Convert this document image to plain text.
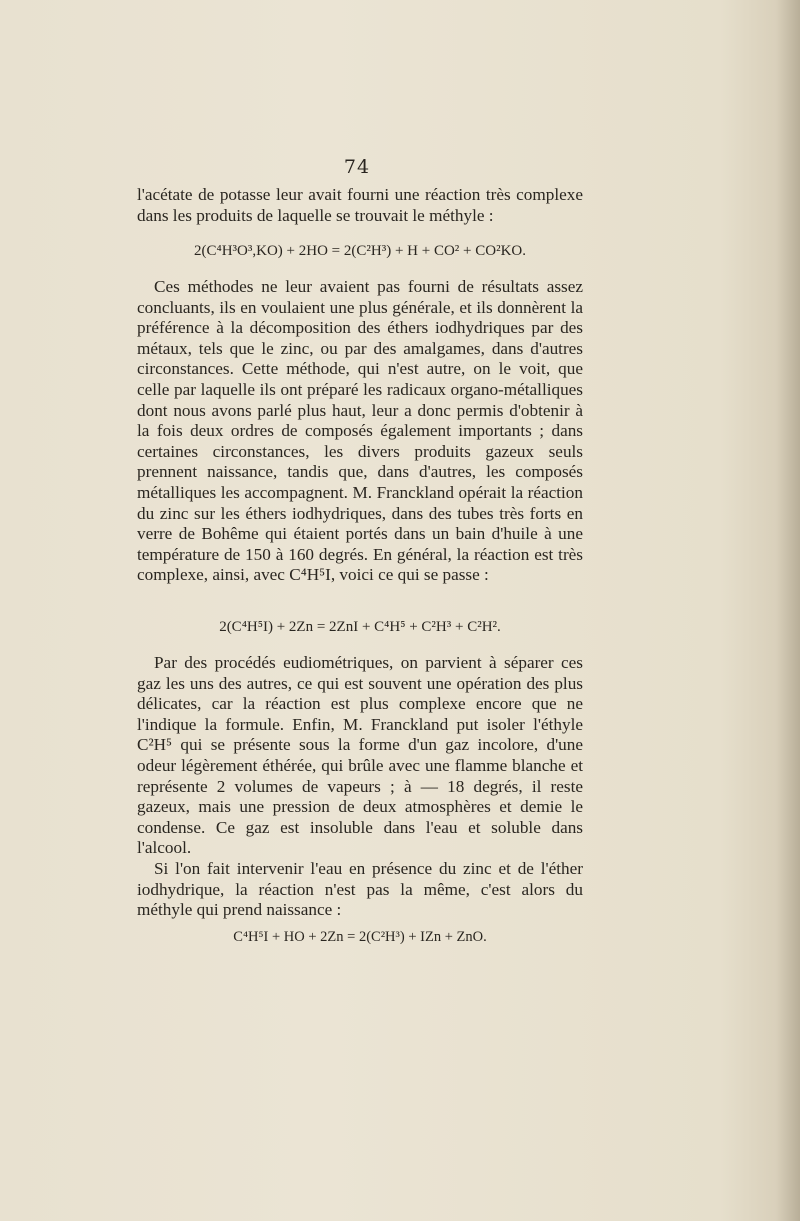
74
l'acétate de potasse leur avait fourni une réaction très complexe dans les produits de laquelle se trouvait le méthyle :
2(C⁴H³O³,KO) + 2HO = 2(C²H³) + H + CO² + CO²KO.
Ces méthodes ne leur avaient pas fourni de résultats assez concluants, ils en voulaient une plus générale, et ils donnèrent la préférence à la décomposition des éthers iodhydriques par des métaux, tels que le zinc, ou par des amalgames, dans d'autres circonstances. Cette méthode, qui n'est autre, on le voit, que celle par laquelle ils ont préparé les radicaux organo-métalliques dont nous avons parlé plus haut, leur a donc permis d'obtenir à la fois deux ordres de composés également importants ; dans certaines circonstances, les divers produits gazeux seuls prennent naissance, tandis que, dans d'autres, les composés métalliques les accompagnent. M. Franckland opérait la réaction du zinc sur les éthers iodhydriques, dans des tubes très forts en verre de Bohême qui étaient portés dans un bain d'huile à une température de 150 à 160 degrés. En général, la réaction est très complexe, ainsi, avec C⁴H⁵I, voici ce qui se passe :
2(C⁴H⁵I) + 2Zn = 2ZnI + C⁴H⁵ + C²H³ + C²H².
Par des procédés eudiométriques, on parvient à séparer ces gaz les uns des autres, ce qui est souvent une opération des plus délicates, car la réaction est plus complexe encore que ne l'indique la formule. Enfin, M. Franckland put isoler l'éthyle C²H⁵ qui se présente sous la forme d'un gaz incolore, d'une odeur légèrement éthérée, qui brûle avec une flamme blanche et représente 2 volumes de vapeurs ; à — 18 degrés, il reste gazeux, mais une pression de deux atmosphères et demie le condense. Ce gaz est insoluble dans l'eau et soluble dans l'alcool.
Si l'on fait intervenir l'eau en présence du zinc et de l'éther iodhydrique, la réaction n'est pas la même, c'est alors du méthyle qui prend naissance :
C⁴H⁵I + HO + 2Zn = 2(C²H³) + IZn + ZnO.
